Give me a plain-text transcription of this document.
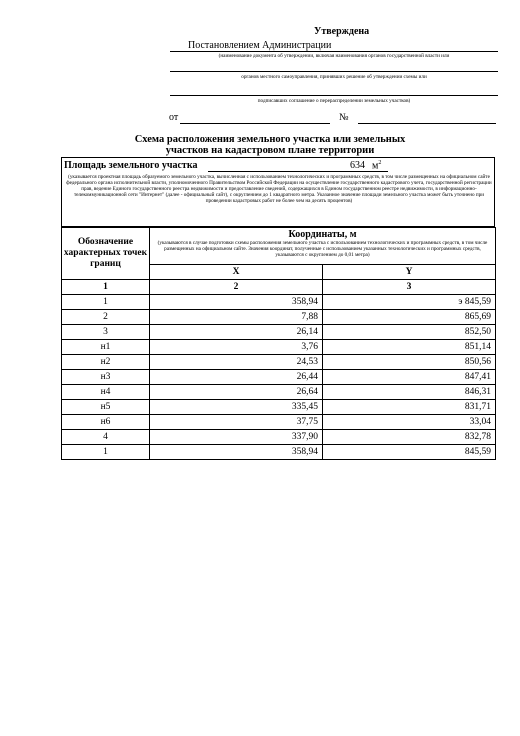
Утверждена
Постановлением Администрации
(наименование документа об утверждении, включая наименования органов государственной власти или
органов местного самоуправления, принявших решение об утверждении схемы или
подписавших соглашение о перераспределении земельных участков)
от	№
Схема расположения земельного участка или земельных
участков на кадастровом плане территории
Площадь земельного участка	634 $м^2$
(указывается проектная площадь образуемого земельного участка, вычисленная с использованием технологических и программных средств, в том числе размещенных на официальном сайте федерального органа исполнительной власти, уполномоченного Правительством Российской Федерации на осуществление государственного кадастрового учета, государственной регистрации прав, ведение Единого государственного реестра недвижимости и предоставление сведений, содержащихся в Едином государственном реестре недвижимости, в информационно-телекоммуникационной сети "Интернет" (далее - официальный сайт), с округлением до 1 квадратного метра. Указанное значение площади земельного участка может быть уточнено при проведении кадастровых работ не более чем на десять процентов)
Обозначение характерных точек границ	Координаты, м
(указываются в случае подготовки схемы расположения земельного участка с использованием технологических и программных средств, в том числе размещенных на официальном сайте. Значения координат, полученные с использованием указанных технологических и программных средств, указываются с округлением до 0,01 метра)	

	X	Y
1	2	3
1	358,94	э 845,59
2	7,88	865,69
3	26,14	852,50
н1	3,76	851,14
н2	24,53	850,56
н3	26,44	847,41
н4	26,64	846,31
н5	335,45	831,71
н6	37,75	33,04
4	337,90	832,78
1	358,94	845,59
